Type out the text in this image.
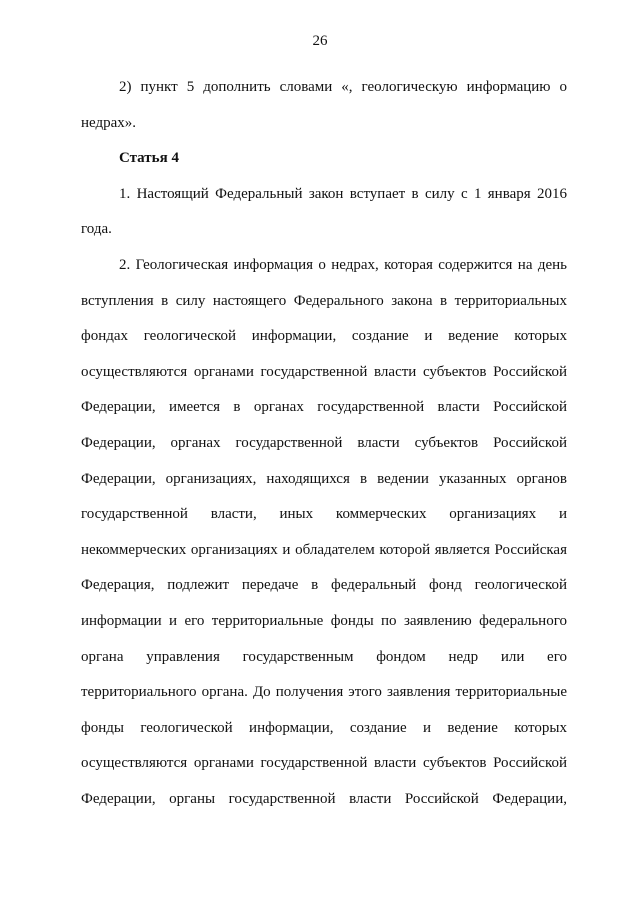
26

2) пункт 5 дополнить словами «, геологическую информацию о недрах».

Статья 4

1. Настоящий Федеральный закон вступает в силу с 1 января 2016 года.

2. Геологическая информация о недрах, которая содержится на день вступления в силу настоящего Федерального закона в территориальных фондах геологической информации, создание и ведение которых осуществляются органами государственной власти субъектов Российской Федерации, имеется в органах государственной власти Российской Федерации, органах государственной власти субъектов Российской Федерации, организациях, находящихся в ведении указанных органов государственной власти, иных коммерческих организациях и некоммерческих организациях и обладателем которой является Российская Федерация, подлежит передаче в федеральный фонд геологической информации и его территориальные фонды по заявлению федерального органа управления государственным фондом недр или его территориального органа. До получения этого заявления территориальные фонды геологической информации, создание и ведение которых осуществляются органами государственной власти субъектов Российской Федерации, органы государственной власти Российской Федерации,
